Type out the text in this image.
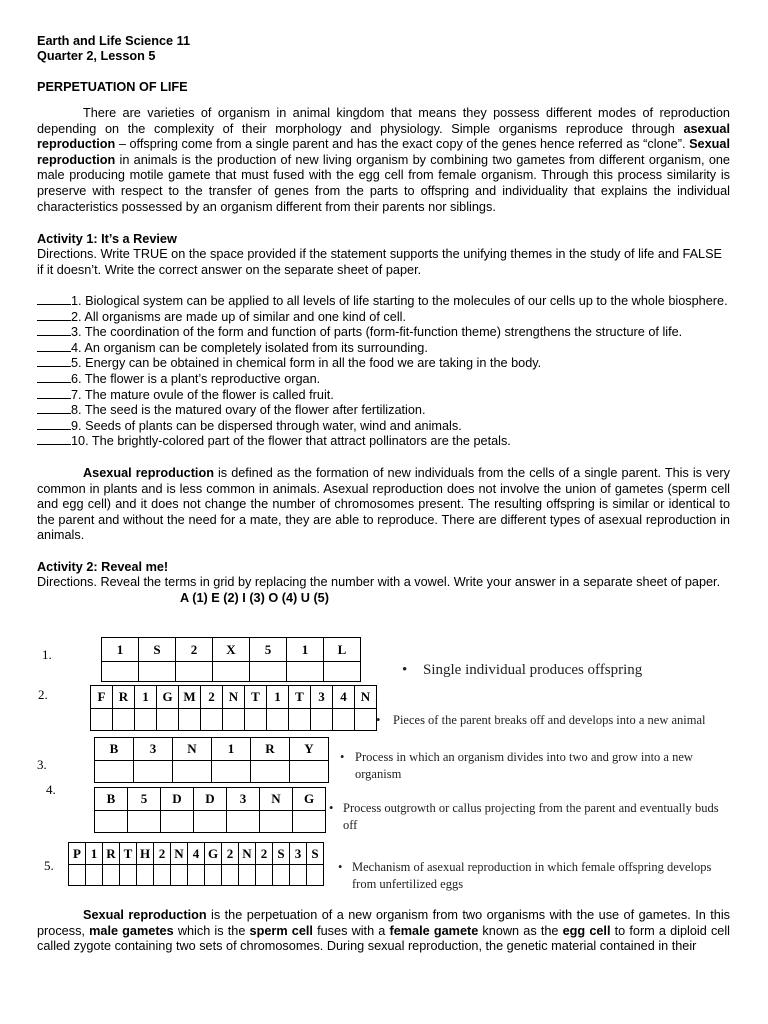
Earth and Life Science 11
Quarter 2, Lesson 5
PERPETUATION OF LIFE
There are varieties of organism in animal kingdom that means they possess different modes of reproduction depending on the complexity of their morphology and physiology. Simple organisms reproduce through asexual reproduction – offspring come from a single parent and has the exact copy of the genes hence referred as “clone”. Sexual reproduction in animals is the production of new living organism by combining two gametes from different organism, one male producing motile gamete that must fused with the egg cell from female organism. Through this process similarity is preserve with respect to the transfer of genes from the parts to offspring and individuality that explains the individual characteristics possessed by an organism different from their parents nor siblings.
Activity 1: It’s a Review
Directions. Write TRUE on the space provided if the statement supports the unifying themes in the study of life and FALSE if it doesn’t. Write the correct answer on the separate sheet of paper.
1. Biological system can be applied to all levels of life starting to the molecules of our cells up to the whole biosphere.
2. All organisms are made up of similar and one kind of cell.
3. The coordination of the form and function of parts (form-fit-function theme) strengthens the structure of life.
4. An organism can be completely isolated from its surrounding.
5. Energy can be obtained in chemical form in all the food we are taking in the body.
6. The flower is a plant’s reproductive organ.
7. The mature ovule of the flower is called fruit.
8. The seed is the matured ovary of the flower after fertilization.
9. Seeds of plants can be dispersed through water, wind and animals.
10. The brightly-colored part of the flower that attract pollinators are the petals.
Asexual reproduction is defined as the formation of new individuals from the cells of a single parent. This is very common in plants and is less common in animals. Asexual reproduction does not involve the union of gametes (sperm cell and egg cell) and it does not change the number of chromosomes present. The resulting offspring is similar or identical to the parent and without the need for a mate, they are able to reproduce. There are different types of asexual reproduction in animals.
Activity 2: Reveal me!
Directions. Reveal the terms in grid by replacing the number with a vowel. Write your answer in a separate sheet of paper.
A (1) E (2) I (3) O (4) U (5)
1.	1	S	2	X	5	1	L

•	Single individual produces offspring
2.	F	R	1	G	M	2	N	T	1	T	3	4	N

•	Pieces of the parent breaks off and develops into a new animal
3.
B	3	N	1	R	Y

• Process in which an organism divides into two and grow into a new organism
4.
B	5	D	D	3	N	G

• Process outgrowth or callus projecting from the parent and eventually buds off
5.
P	1	R	T	H	2	N	4	G	2	N	2	S	3	S

• Mechanism of asexual reproduction in which female offspring develops from unfertilized eggs
Sexual reproduction is the perpetuation of a new organism from two organisms with the use of gametes. In this process, male gametes which is the sperm cell fuses with a female gamete known as the egg cell to form a diploid cell called zygote containing two sets of chromosomes. During sexual reproduction, the genetic material contained in their
